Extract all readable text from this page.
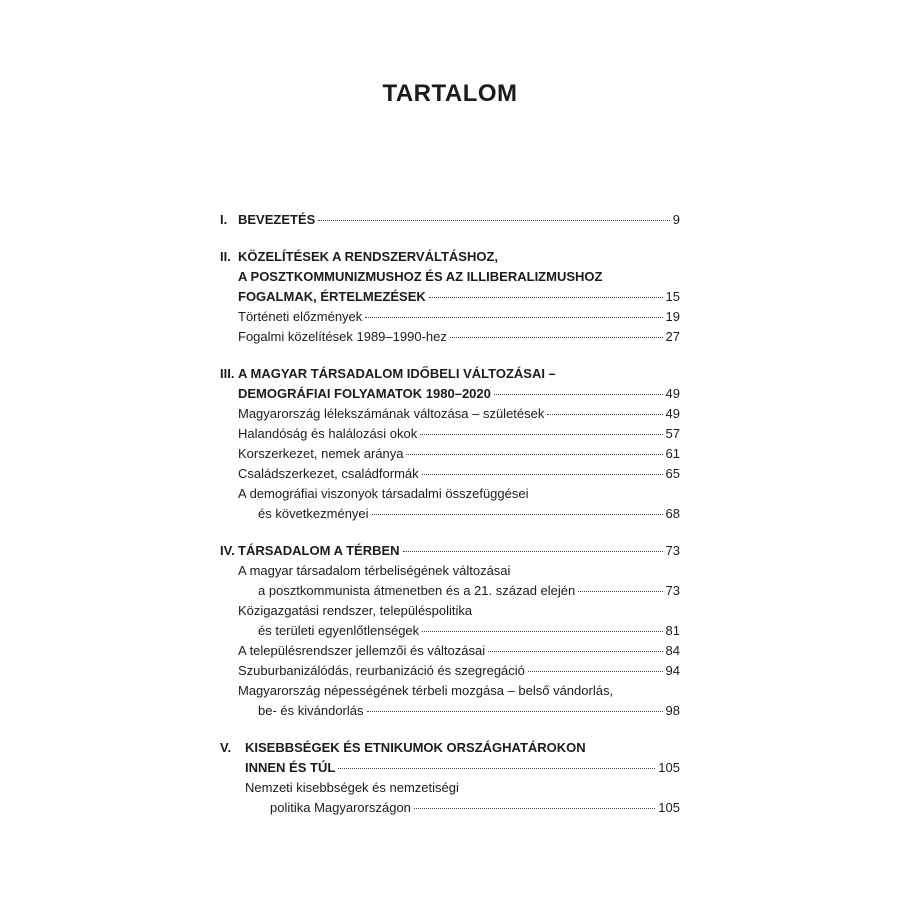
TARTALOM
I. BEVEZETÉS	9
II. KÖZELÍTÉSEK A RENDSZERVÁLTÁSHOZ,
A POSZTKOMMUNIZMUSHOZ ÉS AZ ILLIBERALIZMUSHOZ
FOGALMAK, ÉRTELMEZÉSEK	15
Történeti előzmények	19
Fogalmi közelítések 1989–1990-hez	27
III. A MAGYAR TÁRSADALOM IDŐBELI VÁLTOZÁSAI –
DEMOGRÁFIAI FOLYAMATOK 1980–2020	49
Magyarország lélekszámának változása – születések	49
Halandóság és halálozási okok	57
Korszerkezet, nemek aránya	61
Családszerkezet, családformák	65
A demográfiai viszonyok társadalmi összefüggései
és következményei	68
IV. TÁRSADALOM A TÉRBEN	73
A magyar társadalom térbeliségének változásai
a posztkommunista átmenetben és a 21. század elején	73
Közigazgatási rendszer, településpolitika
és területi egyenlőtlenségek	81
A településrendszer jellemzői és változásai	84
Szuburbanizálódás, reurbanizáció és szegregáció	94
Magyarország népességének térbeli mozgása – belső vándorlás,
be- és kivándorlás	98
V.	KISEBBSÉGEK ÉS ETNIKUMOK ORSZÁGHATÁROKON
INNEN ÉS TÚL	105
Nemzeti kisebbségek és nemzetiségi
politika Magyarországon	105
